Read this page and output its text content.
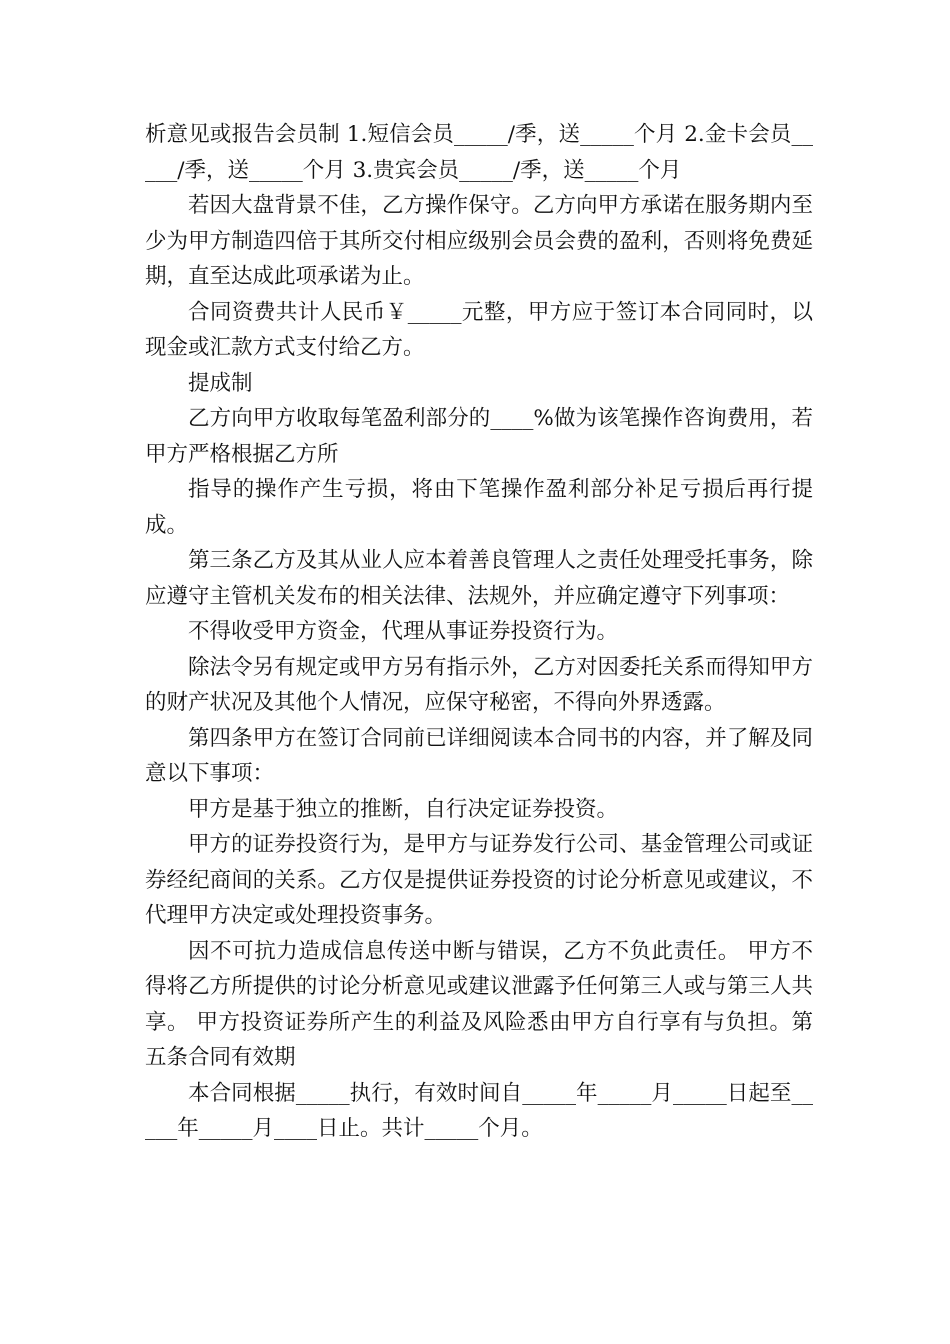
析意见或报告会员制 1.短信会员_____/季，送_____个月 2.金卡会员_____/季，送_____个月 3.贵宾会员_____/季，送_____个月

若因大盘背景不佳，乙方操作保守。乙方向甲方承诺在服务期内至少为甲方制造四倍于其所交付相应级别会员会费的盈利，否则将免费延期，直至达成此项承诺为止。

合同资费共计人民币￥_____元整，甲方应于签订本合同同时，以现金或汇款方式支付给乙方。

提成制

乙方向甲方收取每笔盈利部分的____%做为该笔操作咨询费用，若甲方严格根据乙方所

指导的操作产生亏损，将由下笔操作盈利部分补足亏损后再行提成。

第三条乙方及其从业人应本着善良管理人之责任处理受托事务，除应遵守主管机关发布的相关法律、法规外，并应确定遵守下列事项：

不得收受甲方资金，代理从事证券投资行为。

除法令另有规定或甲方另有指示外，乙方对因委托关系而得知甲方的财产状况及其他个人情况，应保守秘密，不得向外界透露。

第四条甲方在签订合同前已详细阅读本合同书的内容，并了解及同意以下事项：

甲方是基于独立的推断，自行决定证券投资。

甲方的证券投资行为，是甲方与证券发行公司、基金管理公司或证券经纪商间的关系。乙方仅是提供证券投资的讨论分析意见或建议，不代理甲方决定或处理投资事务。

因不可抗力造成信息传送中断与错误，乙方不负此责任。 甲方不得将乙方所提供的讨论分析意见或建议泄露予任何第三人或与第三人共享。 甲方投资证券所产生的利益及风险悉由甲方自行享有与负担。第五条合同有效期

本合同根据_____执行，有效时间自_____年_____月_____日起至_____年_____月____日止。共计_____个月。
